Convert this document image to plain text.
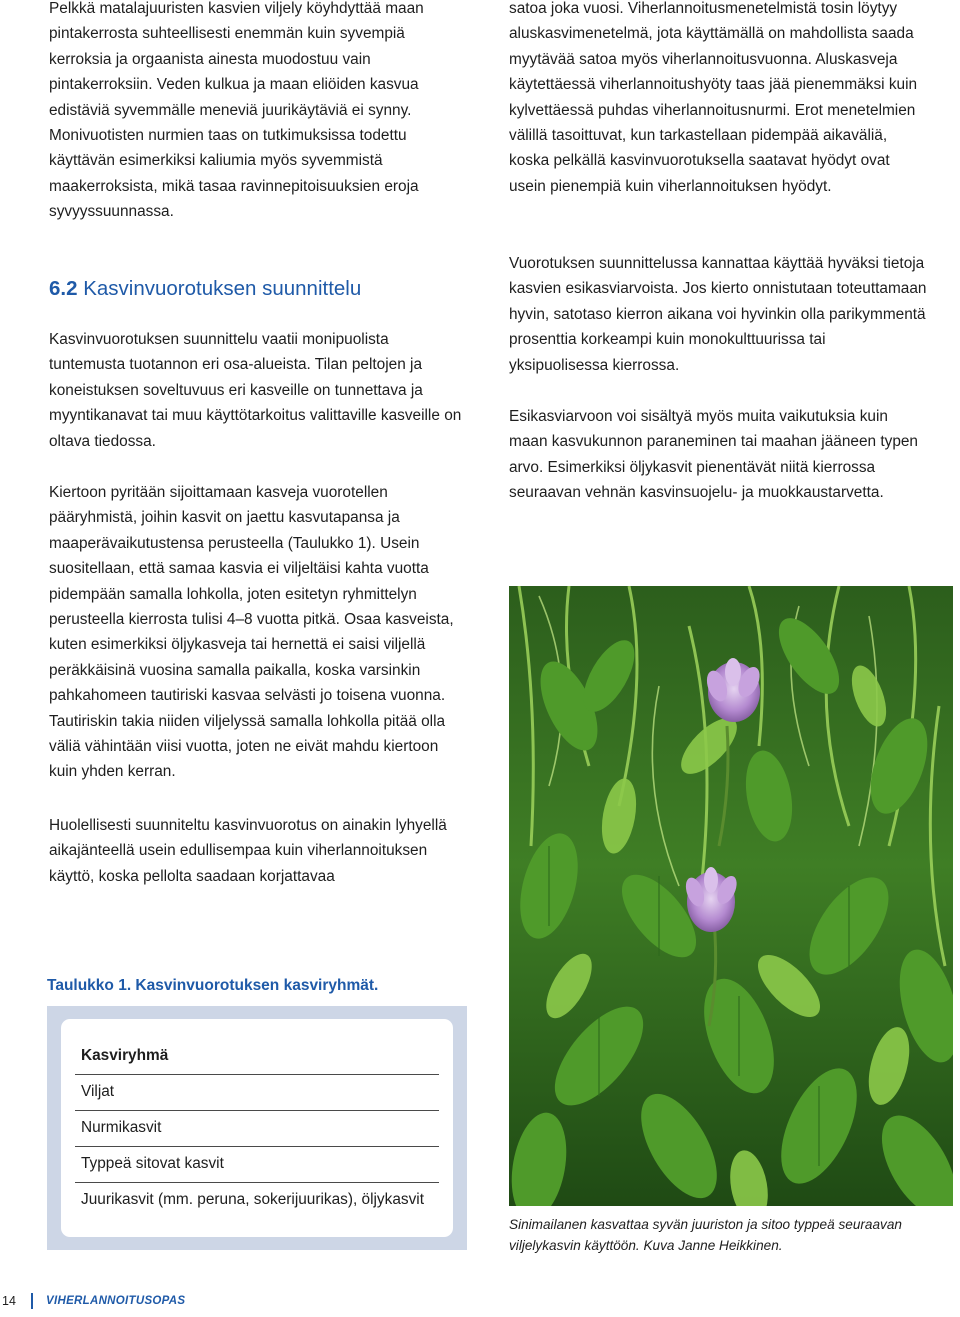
Pelkkä matalajuuristen kasvien viljely köyhdyttää maan pintakerrosta suhteellisesti enemmän kuin syvempiä kerroksia ja orgaanista ainesta muodostuu vain pintakerroksiin. Veden kulkua ja maan eliöiden kasvua edistäviä syvemmälle meneviä juurikäytäviä ei synny. Monivuotisten nurmien taas on tutkimuksissa todettu käyttävän esimerkiksi kaliumia myös syvemmistä maakerroksista, mikä tasaa ravinnepitoisuuksien eroja syvyyssuunnassa.

6.2 Kasvinvuorotuksen suunnittelu

Kasvinvuorotuksen suunnittelu vaatii monipuolista tuntemusta tuotannon eri osa-alueista. Tilan peltojen ja koneistuksen soveltuvuus eri kasveille on tunnettava ja myyntikanavat tai muu käyttötarkoitus valittaville kasveille on oltava tiedossa.

Kiertoon pyritään sijoittamaan kasveja vuorotellen pääryhmistä, joihin kasvit on jaettu kasvutapansa ja maaperävaikutustensa perusteella (Taulukko 1). Usein suositellaan, että samaa kasvia ei viljeltäisi kahta vuotta pidempään samalla lohkolla, joten esitetyn ryhmittelyn perusteella kierrosta tulisi 4–8 vuotta pitkä. Osaa kasveista, kuten esimerkiksi öljykasveja tai hernettä ei saisi viljellä peräkkäisinä vuosina samalla paikalla, koska varsinkin pahkahomeen tautiriski kasvaa selvästi jo toisena vuonna. Tautiriskin takia niiden viljelyssä samalla lohkolla pitää olla väliä vähintään viisi vuotta, joten ne eivät mahdu kiertoon kuin yhden kerran.

Huolellisesti suunniteltu kasvinvuorotus on ainakin lyhyellä aikajänteellä usein edullisempaa kuin viherlannoituksen käyttö, koska pellolta saadaan korjattavaa

Taulukko 1. Kasvinvuorotuksen kasviryhmät.

Kasviryhmä
Viljat
Nurmikasvit
Typpeä sitovat kasvit
Juurikasvit (mm. peruna, sokerijuurikas), öljykasvit

satoa joka vuosi. Viherlannoitusmenetelmistä tosin löytyy aluskasvimenetelmä, jota käyttämällä on mahdollista saada myytävää satoa myös viherlannoitusvuonna. Aluskasveja käytettäessä viherlannoitushyöty taas jää pienemmäksi kuin kylvettäessä puhdas viherlannoitusnurmi. Erot menetelmien välillä tasoittuvat, kun tarkastellaan pidempää aikaväliä, koska pelkällä kasvinvuorotuksella saatavat hyödyt ovat usein pienempiä kuin viherlannoituksen hyödyt.

Vuorotuksen suunnittelussa kannattaa käyttää hyväksi tietoja kasvien esikasviarvoista. Jos kierto onnistutaan toteuttamaan hyvin, satotaso kierron aikana voi hyvinkin olla parikymmentä prosenttia korkeampi kuin monokulttuurissa tai yksipuolisessa kierrossa.

Esikasviarvoon voi sisältyä myös muita vaikutuksia kuin maan kasvukunnon paraneminen tai maahan jääneen typen arvo. Esimerkiksi öljykasvit pienentävät niitä kierrossa seuraavan vehnän kasvinsuojelu- ja muokkaustarvetta.

Sinimailanen kasvattaa syvän juuriston ja sitoo typpeä seuraavan viljelykasvin käyttöön. Kuva Janne Heikkinen.

14	VIHERLANNOITUSOPAS
